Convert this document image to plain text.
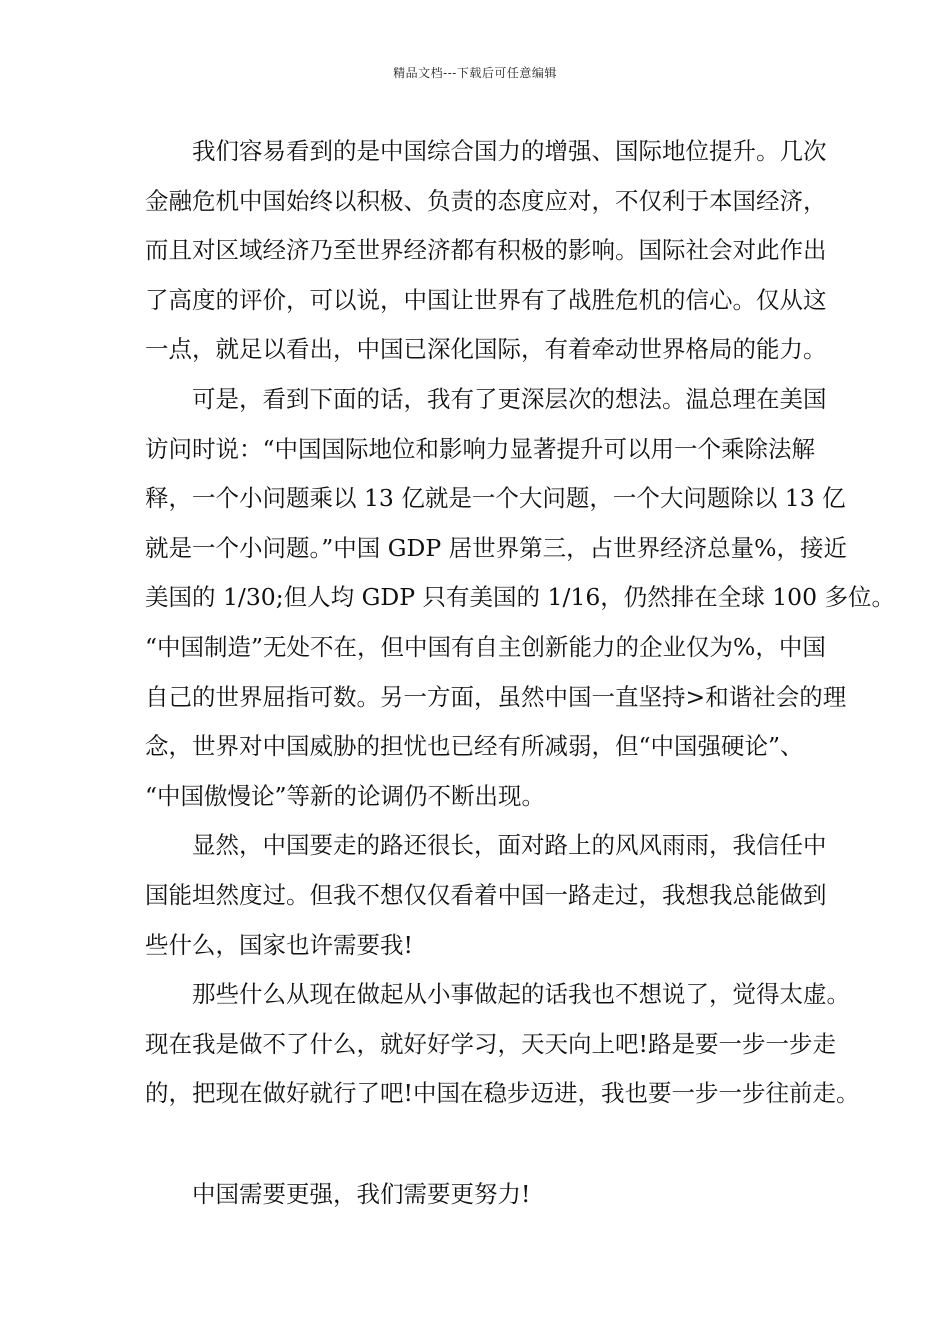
精品文档---下载后可任意编辑
我们容易看到的是中国综合国力的增强、国际地位提升。几次
金融危机中国始终以积极、负责的态度应对，不仅利于本国经济，
而且对区域经济乃至世界经济都有积极的影响。国际社会对此作出
了高度的评价，可以说，中国让世界有了战胜危机的信心。仅从这
一点，就足以看出，中国已深化国际，有着牵动世界格局的能力。
可是，看到下面的话，我有了更深层次的想法。温总理在美国
访问时说：“中国国际地位和影响力显著提升可以用一个乘除法解
释，一个小问题乘以 13 亿就是一个大问题，一个大问题除以 13 亿
就是一个小问题。”中国 GDP 居世界第三，占世界经济总量%，接近
美国的 1/30;但人均 GDP 只有美国的 1/16，仍然排在全球 100 多位。
“中国制造”无处不在，但中国有自主创新能力的企业仅为%，中国
自己的世界屈指可数。另一方面，虽然中国一直坚持>和谐社会的理
念，世界对中国威胁的担忧也已经有所减弱，但“中国强硬论”、
“中国傲慢论”等新的论调仍不断出现。
显然，中国要走的路还很长，面对路上的风风雨雨，我信任中
国能坦然度过。但我不想仅仅看着中国一路走过，我想我总能做到
些什么，国家也许需要我!
那些什么从现在做起从小事做起的话我也不想说了，觉得太虚。
现在我是做不了什么，就好好学习，天天向上吧!路是要一步一步走
的，把现在做好就行了吧!中国在稳步迈进，我也要一步一步往前走。
中国需要更强，我们需要更努力!
